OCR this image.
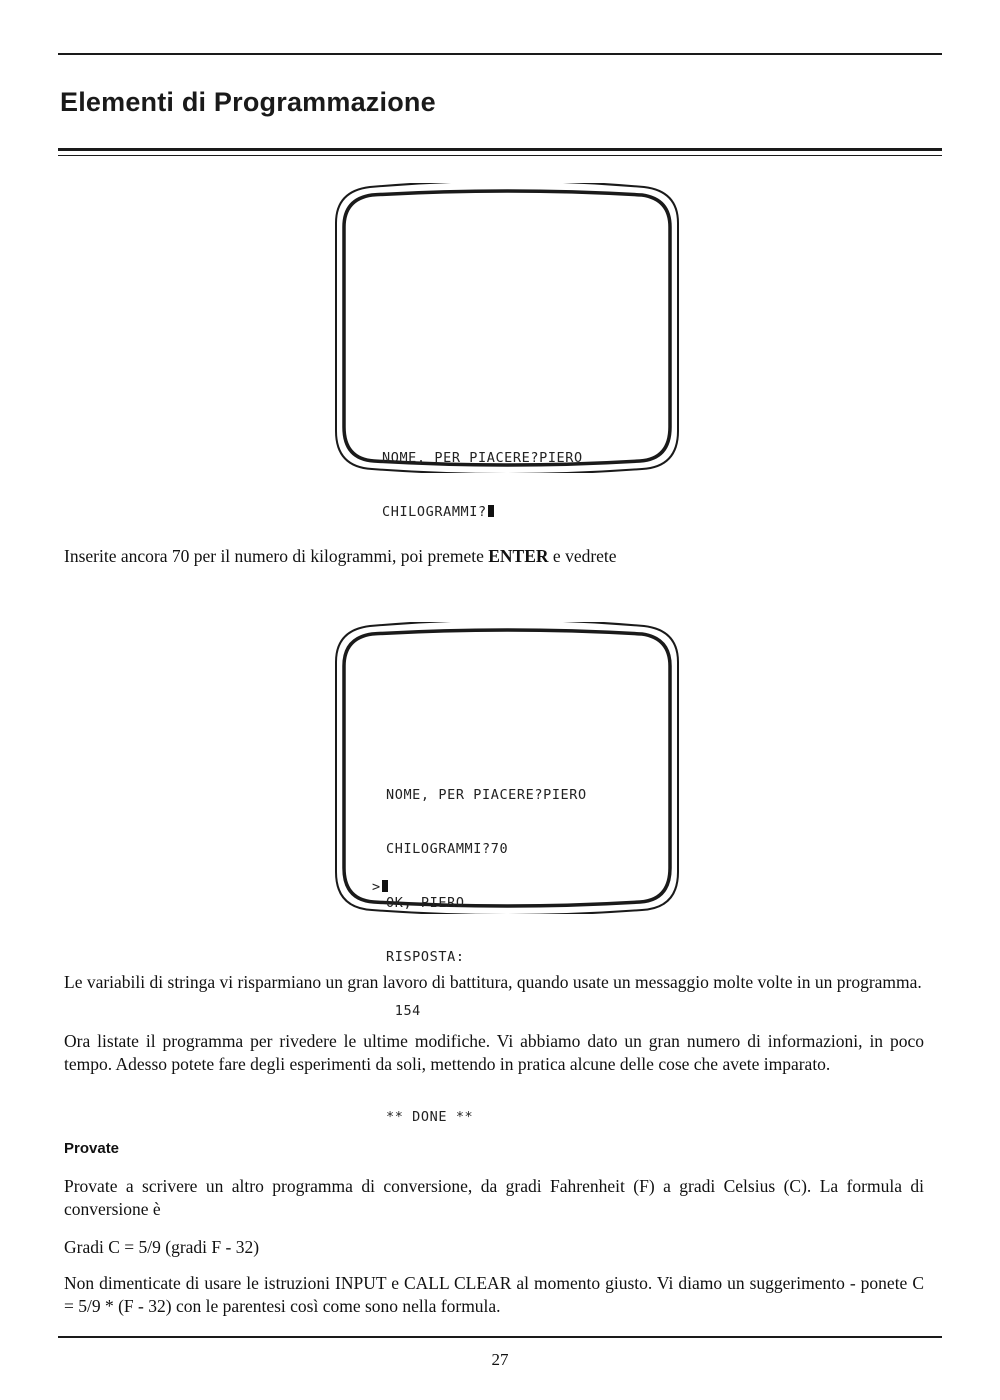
Elementi di Programmazione

NOME, PER PIACERE?PIERO

CHILOGRAMMI?

Inserite ancora 70 per il numero di kilogrammi, poi premete ENTER e vedrete

NOME, PER PIACERE?PIERO

CHILOGRAMMI?70

OK, PIERO

RISPOSTA:

154

** DONE **

>

Le variabili di stringa vi risparmiano un gran lavoro di battitura, quando usate un messaggio molte volte in un programma.

Ora listate il programma per rivedere le ultime modifiche. Vi abbiamo dato un gran numero di informazioni, in poco tempo. Adesso potete fare degli esperimenti da soli, mettendo in pratica alcune delle cose che avete imparato.

Provate

Provate a scrivere un altro programma di conversione, da gradi Fahrenheit (F) a gradi Celsius (C). La formula di conversione è

Gradi C = 5/9 (gradi F - 32)

Non dimenticate di usare le istruzioni INPUT e CALL CLEAR al momento giusto. Vi diamo un suggerimento - ponete C = 5/9 * (F - 32) con le parentesi così come sono nella formula.

27
